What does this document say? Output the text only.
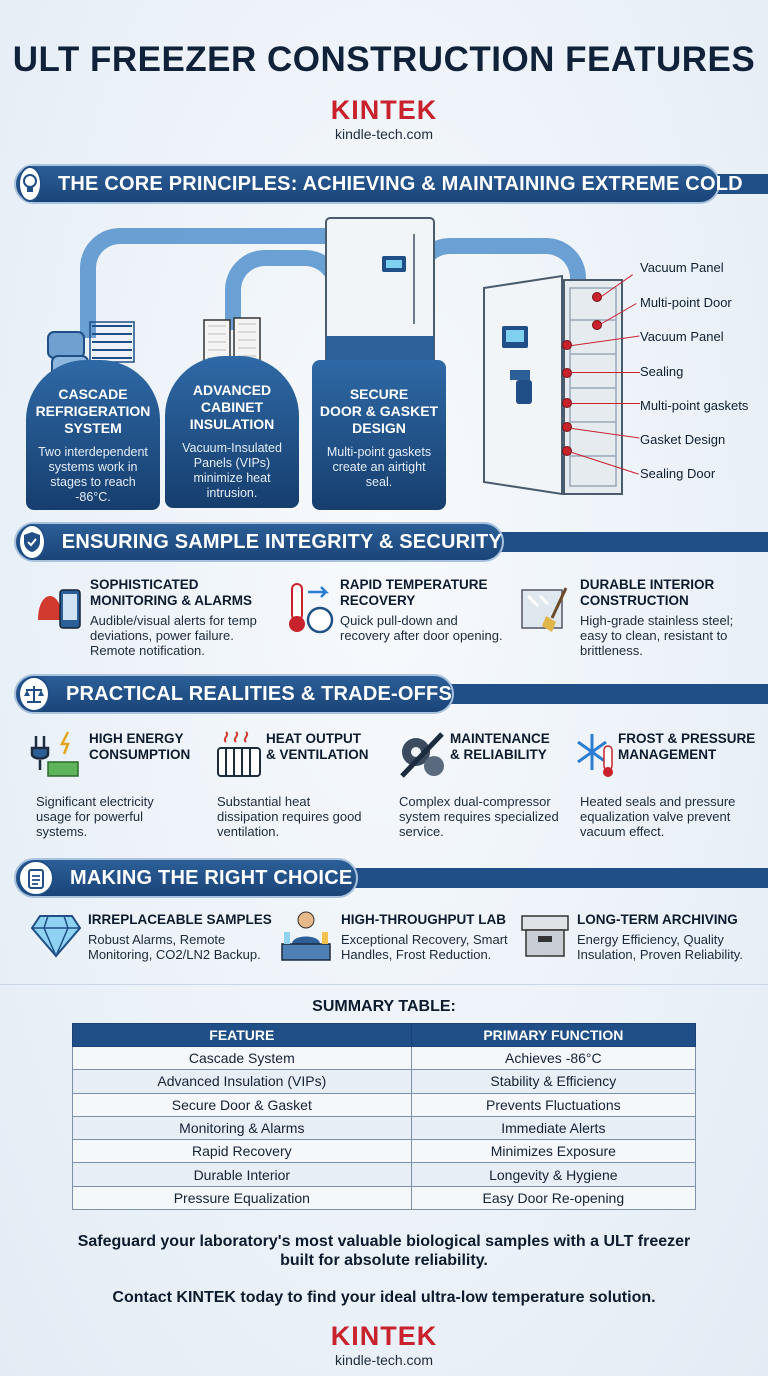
ULT FREEZER CONSTRUCTION FEATURES
KINTEK
kindle-tech.com
THE CORE PRINCIPLES: ACHIEVING & MAINTAINING EXTREME COLD
CASCADE
REFRIGERATION
SYSTEM
Two interdependent
systems work in
stages to reach -86°C.
ADVANCED
CABINET
INSULATION
Vacuum-Insulated
Panels (VIPs)
minimize heat
intrusion.
SECURE
DOOR & GASKET
DESIGN
Multi-point gaskets
create an airtight
seal.
Vacuum Panel
Multi-point Door
Vacuum Panel
Sealing
Multi-point gaskets
Gasket Design
Sealing Door
ENSURING SAMPLE INTEGRITY & SECURITY
SOPHISTICATED
MONITORING & ALARMS
Audible/visual alerts for temp
deviations, power failure.
Remote notification.
RAPID TEMPERATURE
RECOVERY
Quick pull-down and
recovery after door opening.
DURABLE INTERIOR
CONSTRUCTION
High-grade stainless steel;
easy to clean, resistant to
brittleness.
PRACTICAL REALITIES & TRADE-OFFS
HIGH ENERGY
CONSUMPTION
Significant electricity
usage for powerful
systems.
HEAT OUTPUT
& VENTILATION
Substantial heat
dissipation requires good
ventilation.
MAINTENANCE
& RELIABILITY
Complex dual-compressor
system requires specialized
service.
FROST & PRESSURE
MANAGEMENT
Heated seals and pressure
equalization valve prevent
vacuum effect.
MAKING THE RIGHT CHOICE
IRREPLACEABLE SAMPLES
Robust Alarms, Remote
Monitoring, CO2/LN2 Backup.
HIGH-THROUGHPUT LAB
Exceptional Recovery, Smart
Handles, Frost Reduction.
LONG-TERM ARCHIVING
Energy Efficiency, Quality
Insulation, Proven Reliability.
SUMMARY TABLE:
FEATURE	PRIMARY FUNCTION
Cascade System	Achieves -86°C
Advanced Insulation (VIPs)	Stability & Efficiency
Secure Door & Gasket	Prevents Fluctuations
Monitoring & Alarms	Immediate Alerts
Rapid Recovery	Minimizes Exposure
Durable Interior	Longevity & Hygiene
Pressure Equalization	Easy Door Re-opening
Safeguard your laboratory's most valuable biological samples with a ULT freezer
built for absolute reliability.
Contact KINTEK today to find your ideal ultra-low temperature solution.
KINTEK
kindle-tech.com
